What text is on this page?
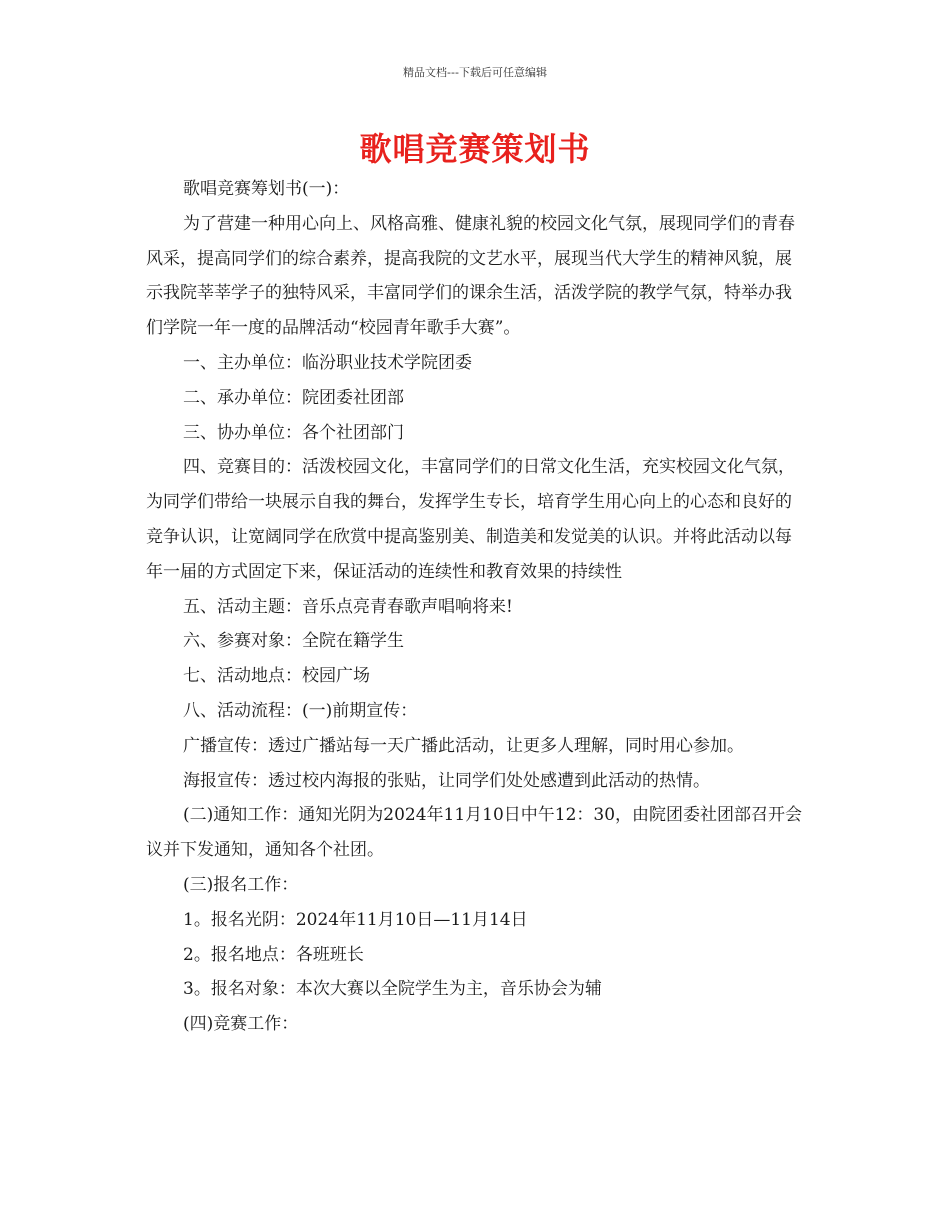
精品文档---下载后可任意编辑
歌唱竞赛策划书

歌唱竞赛筹划书(一)：

为了营建一种用心向上、风格高雅、健康礼貌的校园文化气氛，展现同学们的青春风采，提高同学们的综合素养，提高我院的文艺水平，展现当代大学生的精神风貌，展示我院莘莘学子的独特风采，丰富同学们的课余生活，活泼学院的教学气氛，特举办我们学院一年一度的品牌活动“校园青年歌手大赛”。

一、主办单位：临汾职业技术学院团委

二、承办单位：院团委社团部

三、协办单位：各个社团部门

四、竞赛目的：活泼校园文化，丰富同学们的日常文化生活，充实校园文化气氛，为同学们带给一块展示自我的舞台，发挥学生专长，培育学生用心向上的心态和良好的竞争认识，让宽阔同学在欣赏中提高鉴别美、制造美和发觉美的认识。并将此活动以每年一届的方式固定下来，保证活动的连续性和教育效果的持续性

五、活动主题：音乐点亮青春歌声唱响将来!

六、参赛对象：全院在籍学生

七、活动地点：校园广场

八、活动流程：(一)前期宣传：

广播宣传：透过广播站每一天广播此活动，让更多人理解，同时用心参加。

海报宣传：透过校内海报的张贴，让同学们处处感遭到此活动的热情。

(二)通知工作：通知光阴为2024年11月10日中午12：30，由院团委社团部召开会议并下发通知，通知各个社团。

(三)报名工作：

1。报名光阴：2024年11月10日—11月14日

2。报名地点：各班班长

3。报名对象：本次大赛以全院学生为主，音乐协会为辅

(四)竞赛工作：
